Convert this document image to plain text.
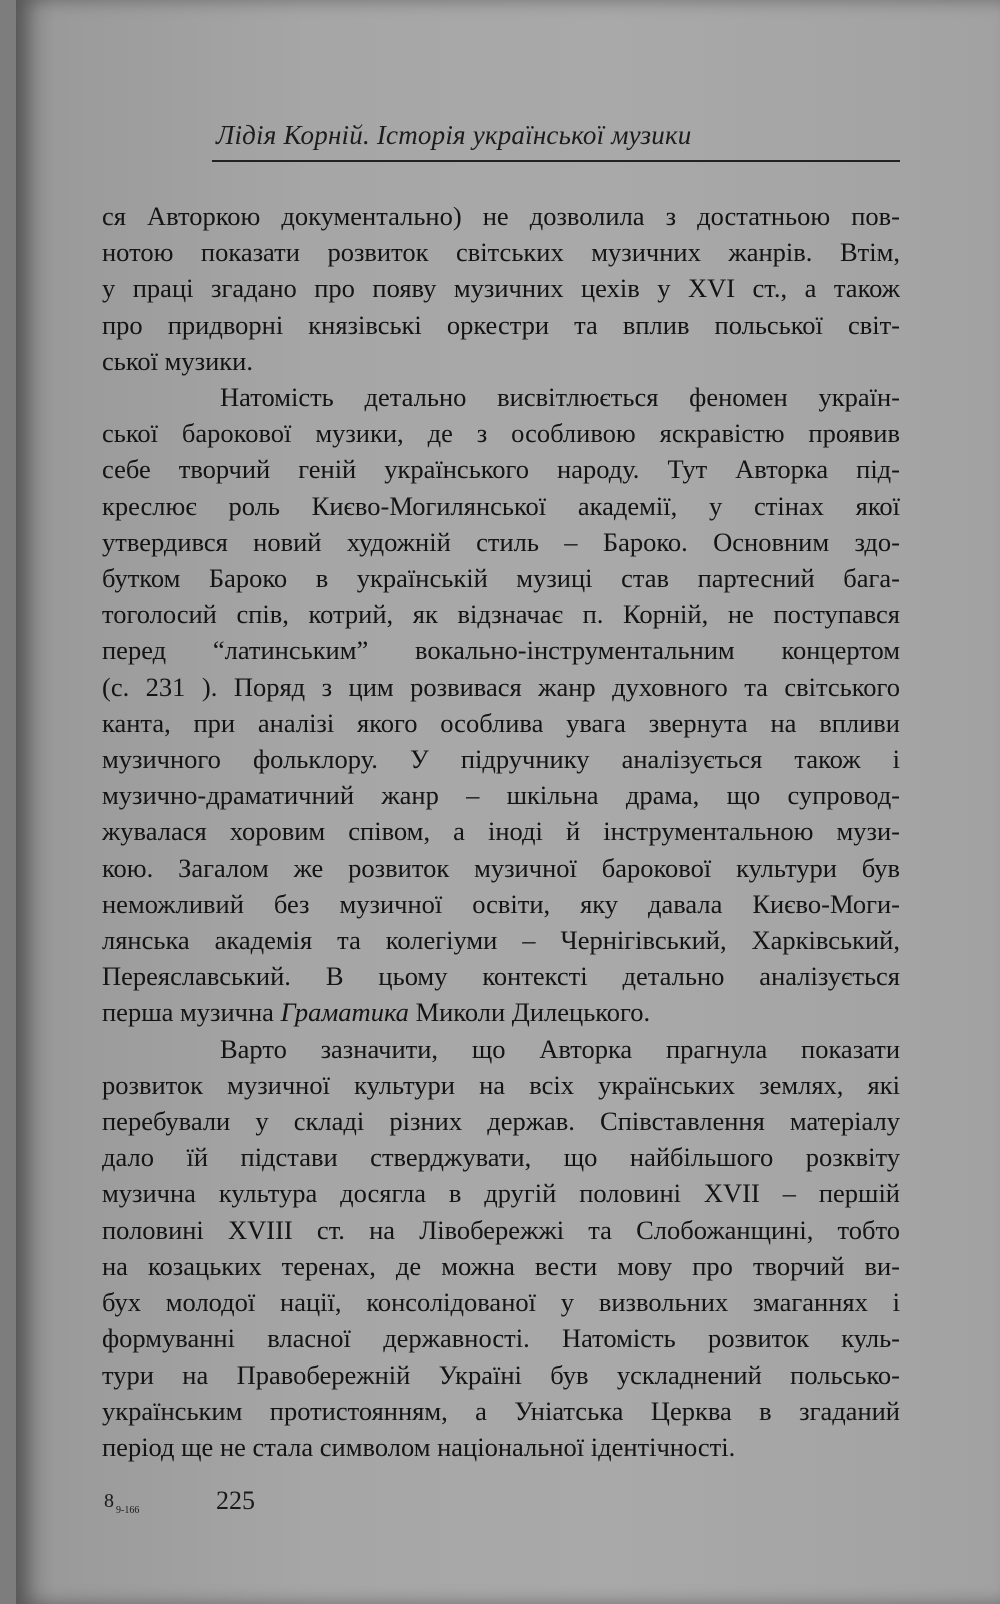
Лідія Корній. Історія української музики
ся Авторкою документально) не дозволила з достатньою пов-
нотою показати розвиток світських музичних жанрів. Втім,
у праці згадано про появу музичних цехів у XVI ст., а також
про придворні князівські оркестри та вплив польської світ-
ської музики.
Натомість детально висвітлюється феномен україн-
ської барокової музики, де з особливою яскравістю проявив
себе творчий геній українського народу. Тут Авторка під-
креслює роль Києво-Могилянської академії, у стінах якої
утвердився новий художній стиль – Бароко. Основним здо-
бутком Бароко в українській музиці став партесний бага-
тоголосий спів, котрий, як відзначає п. Корній, не поступався
перед “латинським” вокально-інструментальним концертом
(с. 231 ). Поряд з цим розвивася жанр духовного та світського
канта, при аналізі якого особлива увага звернута на впливи
музичного фольклору. У підручнику аналізується також і
музично-драматичний жанр – шкільна драма, що супровод-
жувалася хоровим співом, а іноді й інструментальною музи-
кою. Загалом же розвиток музичної барокової культури був
неможливий без музичної освіти, яку давала Києво-Моги-
лянська академія та колегіуми – Чернігівський, Харківський,
Переяславський. В цьому контексті детально аналізується
перша музична Граматика Миколи Дилецького.
Варто зазначити, що Авторка прагнула показати
розвиток музичної культури на всіх українських землях, які
перебували у складі різних держав. Співставлення матеріалу
дало їй підстави стверджувати, що найбільшого розквіту
музична культура досягла в другій половині XVII – першій
половині XVIII ст. на Лівобережжі та Слобожанщині, тобто
на козацьких теренах, де можна вести мову про творчий ви-
бух молодої нації, консолідованої у визвольних змаганнях і
формуванні власної державності. Натомість розвиток куль-
тури на Правобережній Україні був ускладнений польсько-
українським протистоянням, а Уніатська Церква в згаданий
період ще не стала символом національної ідентічності.
8 $_{9-166}$	225
